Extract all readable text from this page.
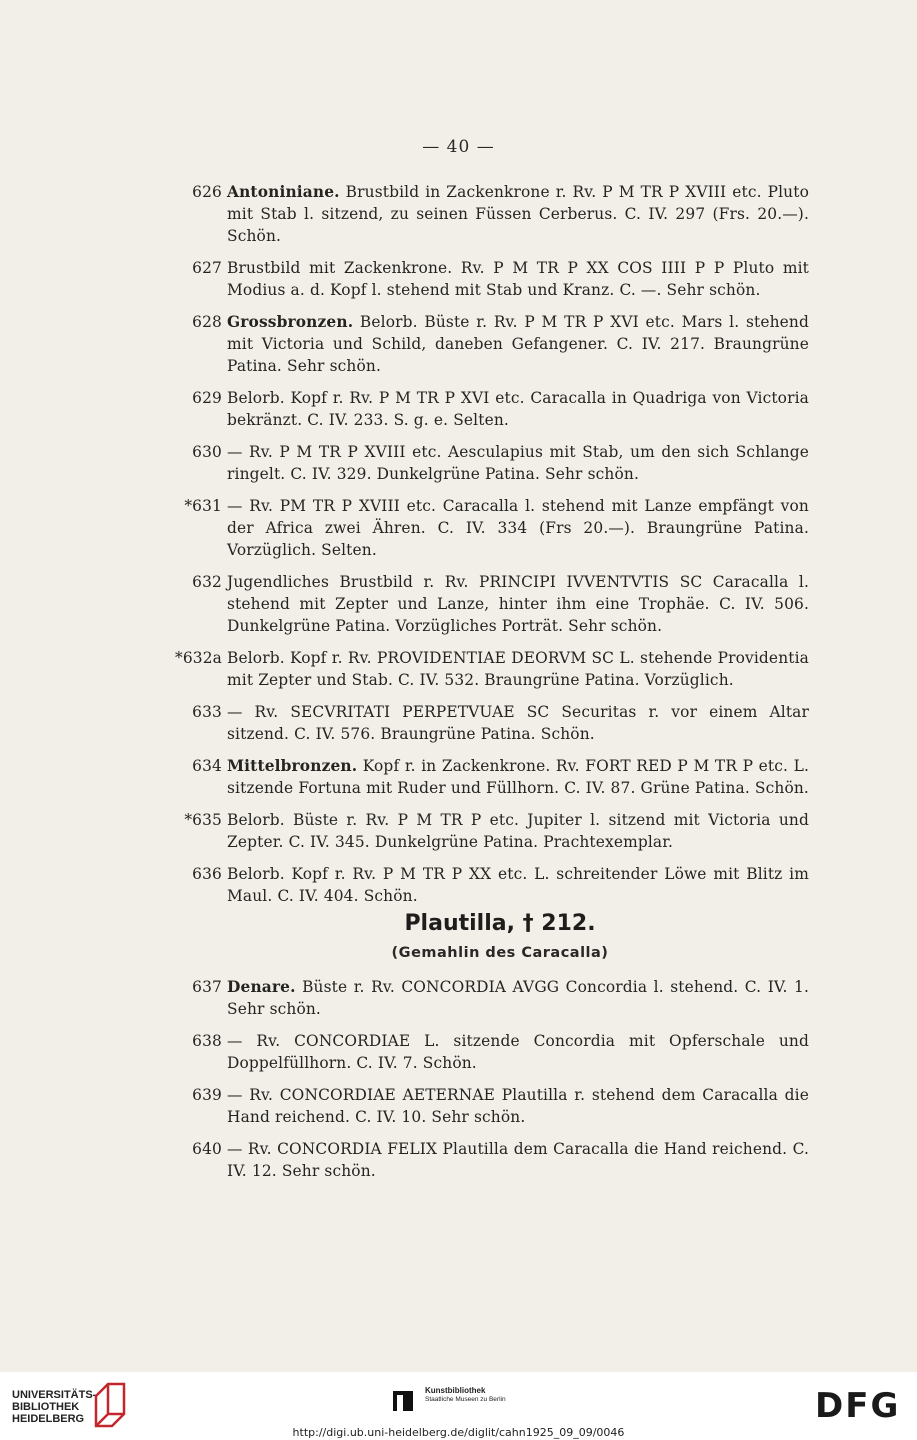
— 40 —
626 Antoniniane. Brustbild in Zackenkrone r. Rv. P M TR P XVIII etc. Pluto mit Stab l. sitzend, zu seinen Füssen Cerberus. C. IV. 297 (Frs. 20.—). Schön.
627 Brustbild mit Zackenkrone. Rv. P M TR P XX COS IIII P P Pluto mit Modius a. d. Kopf l. stehend mit Stab und Kranz. C. —. Sehr schön.
628 Grossbronzen. Belorb. Büste r. Rv. P M TR P XVI etc. Mars l. stehend mit Victoria und Schild, daneben Gefangener. C. IV. 217. Braungrüne Patina. Sehr schön.
629 Belorb. Kopf r. Rv. P M TR P XVI etc. Caracalla in Quadriga von Victoria bekränzt. C. IV. 233. S. g. e. Selten.
630 — Rv. P M TR P XVIII etc. Aesculapius mit Stab, um den sich Schlange ringelt. C. IV. 329. Dunkelgrüne Patina. Sehr schön.
*631 — Rv. PM TR P XVIII etc. Caracalla l. stehend mit Lanze empfängt von der Africa zwei Ähren. C. IV. 334 (Frs 20.—). Braungrüne Patina. Vorzüglich. Selten.
632 Jugendliches Brustbild r. Rv. PRINCIPI IVVENTVTIS SC Caracalla l. stehend mit Zepter und Lanze, hinter ihm eine Trophäe. C. IV. 506. Dunkelgrüne Patina. Vorzügliches Porträt. Sehr schön.
*632a Belorb. Kopf r. Rv. PROVIDENTIAE DEORVM SC L. stehende Providentia mit Zepter und Stab. C. IV. 532. Braungrüne Patina. Vorzüglich.
633 — Rv. SECVRITATI PERPETVUAE SC Securitas r. vor einem Altar sitzend. C. IV. 576. Braungrüne Patina. Schön.
634 Mittelbronzen. Kopf r. in Zackenkrone. Rv. FORT RED P M TR P etc. L. sitzende Fortuna mit Ruder und Füllhorn. C. IV. 87. Grüne Patina. Schön.
*635 Belorb. Büste r. Rv. P M TR P etc. Jupiter l. sitzend mit Victoria und Zepter. C. IV. 345. Dunkelgrüne Patina. Prachtexemplar.
636 Belorb. Kopf r. Rv. P M TR P XX etc. L. schreitender Löwe mit Blitz im Maul. C. IV. 404. Schön.
Plautilla, † 212.
(Gemahlin des Caracalla)
637 Denare. Büste r. Rv. CONCORDIA AVGG Concordia l. stehend. C. IV. 1. Sehr schön.
638 — Rv. CONCORDIAE L. sitzende Concordia mit Opferschale und Doppelfüllhorn. C. IV. 7. Schön.
639 — Rv. CONCORDIAE AETERNAE Plautilla r. stehend dem Caracalla die Hand reichend. C. IV. 10. Sehr schön.
640 — Rv. CONCORDIA FELIX Plautilla dem Caracalla die Hand reichend. C. IV. 12. Sehr schön.
UNIVERSITÄTS-
BIBLIOTHEK
HEIDELBERG
Kunstbibliothek
Staatliche Museen zu Berlin	DFG
http://digi.ub.uni-heidelberg.de/diglit/cahn1925_09_09/0046
